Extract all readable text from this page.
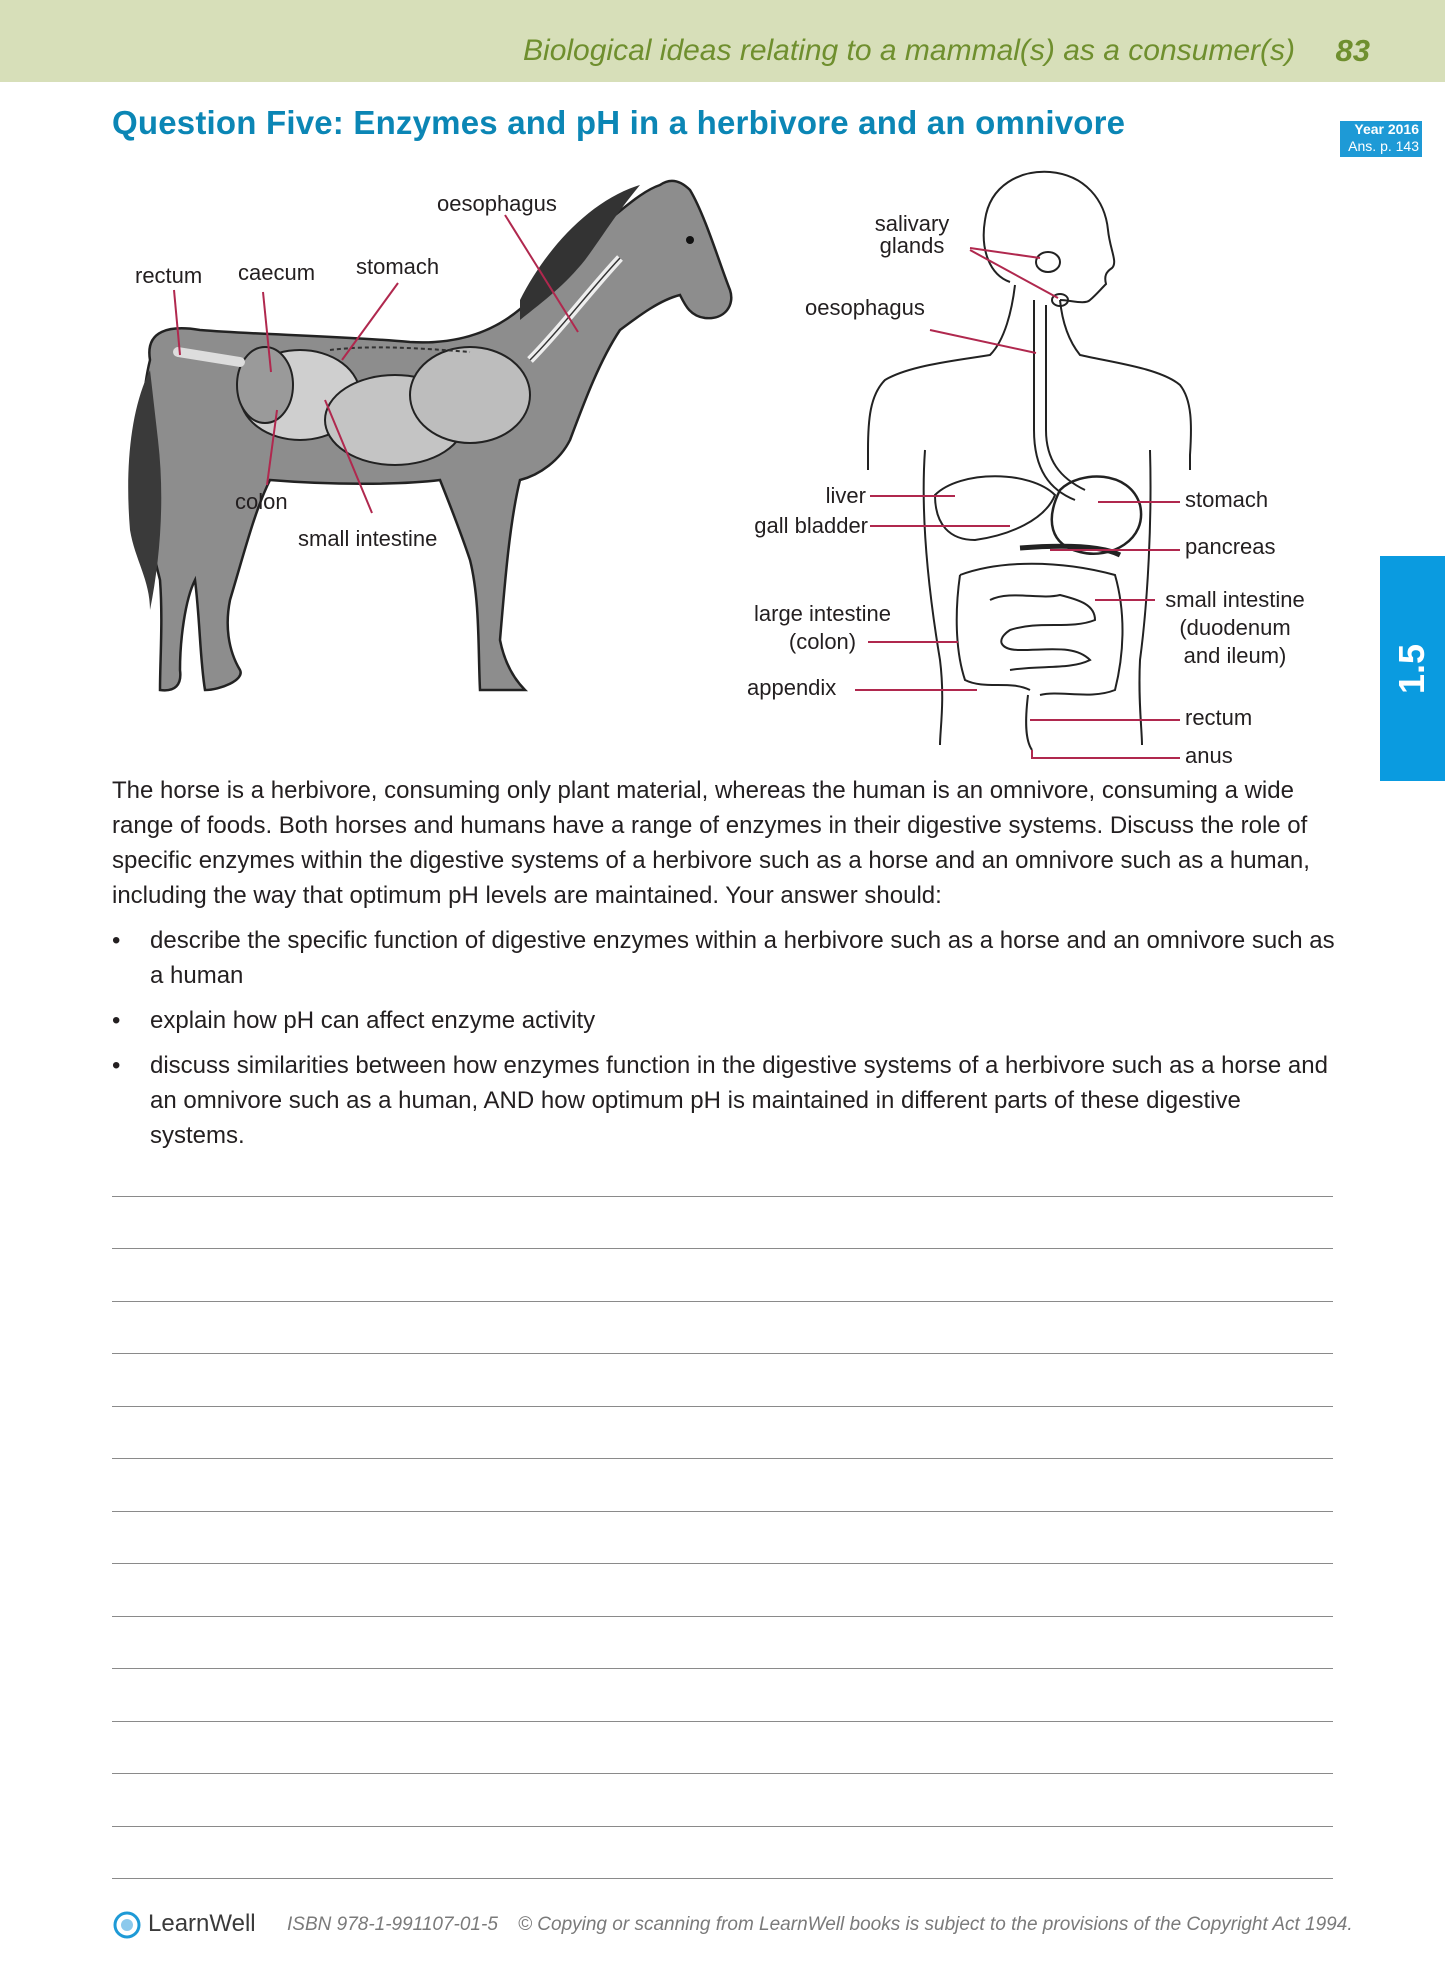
Biological ideas relating to a mammal(s) as a consumer(s) 83
Question Five: Enzymes and pH in a herbivore and an omnivore	Year 2016
Ans. p. 143
1.5
oesophagus
rectum caecum stomach
colon
small intestine
salivary
glands
oesophagus
liver
gall bladder
stomach
pancreas
large intestine
(colon)
small intestine
(duodenum
and ileum)
appendix
rectum
anus

The horse is a herbivore, consuming only plant material, whereas the human is an omnivore, consuming a wide range of foods. Both horses and humans have a range of enzymes in their digestive systems. Discuss the role of specific enzymes within the digestive systems of a herbivore such as a horse and an omnivore such as a human, including the way that optimum pH levels are maintained. Your answer should:

• describe the specific function of digestive enzymes within a herbivore such as a horse and an omnivore such as a human
• explain how pH can affect enzyme activity
• discuss similarities between how enzymes function in the digestive systems of a herbivore such as a horse and an omnivore such as a human, AND how optimum pH is maintained in different parts of these digestive systems.
LearnWell ISBN 978-1-991107-01-5 © Copying or scanning from LearnWell books is subject to the provisions of the Copyright Act 1994.
